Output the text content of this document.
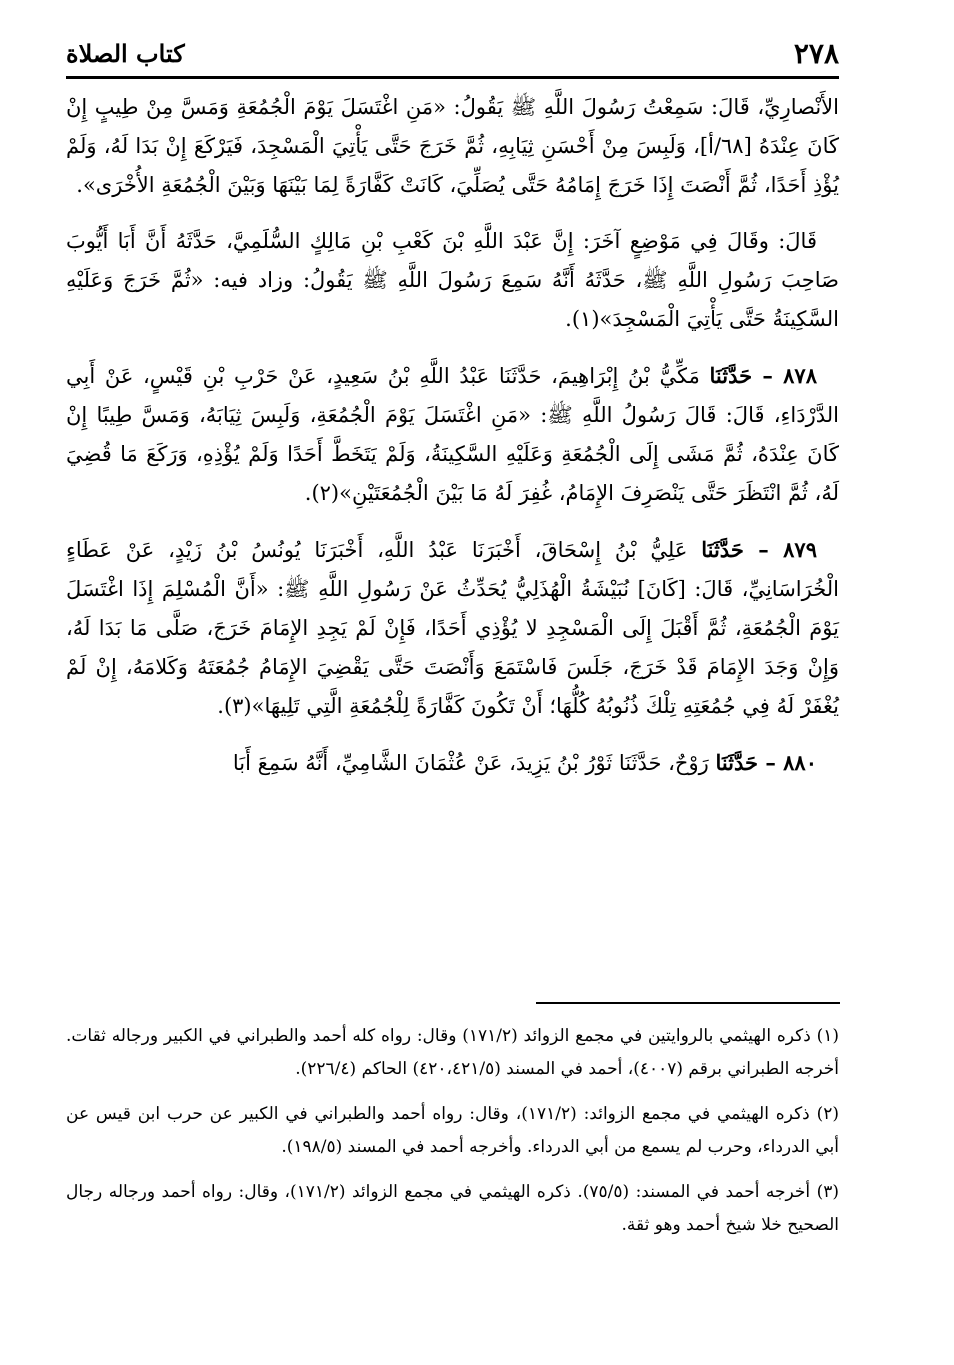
٢٧٨
كتاب الصلاة

الأَنْصارِيِّ، قَالَ: سَمِعْتُ رَسُولَ اللَّهِ ﷺ يَقُولُ: «مَنِ اغْتَسَلَ يَوْمَ الْجُمُعَةِ وَمَسَّ مِنْ طِيبٍ إِنْ كَانَ عِنْدَهُ [٦٨/أ]، وَلَبِسَ مِنْ أَحْسَنِ ثِيَابِهِ، ثُمَّ خَرَجَ حَتَّى يَأْتِيَ الْمَسْجِدَ، فَيَرْكَعَ إِنْ بَدَا لَهُ، وَلَمْ يُؤْذِ أَحَدًا، ثُمَّ أَنْصَتَ إِذَا خَرَجَ إِمَامُهُ حَتَّى يُصَلِّيَ، كَانَتْ كَفَّارَةً لِمَا بَيْنَهَا وَبَيْنَ الْجُمُعَةِ الأُخْرَى».

قَالَ: وقَالَ فِي مَوْضِعٍ آخَرَ: إِنَّ عَبْدَ اللَّهِ بْنَ كَعْبِ بْنِ مَالِكٍ السُّلَمِيَّ، حَدَّثَهُ أَنَّ أَبَا أَيُّوبَ صَاحِبَ رَسُولِ اللَّهِ ﷺ، حَدَّثَهُ أَنَّهُ سَمِعَ رَسُولَ اللَّهِ ﷺ يَقُولُ: وزاد فيه: «ثُمَّ خَرَجَ وَعَلَيْهِ السَّكِينَةُ حَتَّى يَأْتِيَ الْمَسْجِدَ»(١).

٨٧٨ – حَدَّثَنَا مَكِّيُّ بْنُ إِبْرَاهِيمَ، حَدَّثَنَا عَبْدُ اللَّهِ بْنُ سَعِيدٍ، عَنْ حَرْبِ بْنِ قَيْسٍ، عَنْ أَبِي الدَّرْدَاءِ، قَالَ: قَالَ رَسُولُ اللَّهِ ﷺ: «مَنِ اغْتَسَلَ يَوْمَ الْجُمُعَةِ، وَلَبِسَ ثِيَابَهُ، وَمَسَّ طِيبًا إِنْ كَانَ عِنْدَهُ، ثُمَّ مَشَى إِلَى الْجُمُعَةِ وَعَلَيْهِ السَّكِينَةُ، وَلَمْ يَتَخَطَّ أَحَدًا وَلَمْ يُؤْذِهِ، وَرَكَعَ مَا قُضِيَ لَهُ، ثُمَّ انْتَظَرَ حَتَّى يَنْصَرِفَ الإِمَامُ، غُفِرَ لَهُ مَا بَيْنَ الْجُمُعَتَيْنِ»(٢).

٨٧٩ – حَدَّثَنَا عَلِيُّ بْنُ إِسْحَاقَ، أَخْبَرَنَا عَبْدُ اللَّهِ، أَخْبَرَنَا يُونُسُ بْنُ زَيْدٍ، عَنْ عَطَاءٍ الْخُرَاسَانِيِّ، قَالَ: [كَانَ] نُبَيْشَةُ الْهُذَلِيُّ يُحَدِّثُ عَنْ رَسُولِ اللَّهِ ﷺ: «أَنَّ الْمُسْلِمَ إِذَا اغْتَسَلَ يَوْمَ الْجُمُعَةِ، ثُمَّ أَقْبَلَ إِلَى الْمَسْجِدِ لا يُؤْذِي أَحَدًا، فَإِنْ لَمْ يَجِدِ الإِمَامَ خَرَجَ، صَلَّى مَا بَدَا لَهُ، وَإِنْ وَجَدَ الإِمَامَ قَدْ خَرَجَ، جَلَسَ فَاسْتَمَعَ وَأَنْصَتَ حَتَّى يَقْضِيَ الإِمَامُ جُمُعَتَهُ وَكَلامَهُ، إِنْ لَمْ يُغْفَرْ لَهُ فِي جُمُعَتِهِ تِلْكَ ذُنُوبُهُ كُلُّهَا؛ أَنْ تَكُونَ كَفَّارَةً لِلْجُمُعَةِ الَّتِي تَلِيهَا»(٣).

٨٨٠ – حَدَّثَنَا رَوْحٌ، حَدَّثَنَا ثَوْرُ بْنُ يَزِيدَ، عَنْ عُثْمَانَ الشَّامِيِّ، أَنَّهُ سَمِعَ أَبَا

(١) ذكره الهيثمي بالروايتين في مجمع الزوائد (١٧١/٢) وقال: رواه كله أحمد والطبراني في الكبير ورجاله ثقات. أخرجه الطبراني برقم (٤٠٠٧)، أحمد في المسند (٤٢٠،٤٢١/٥) الحاكم (٢٢٦/٤).

(٢) ذكره الهيثمي في مجمع الزوائد: (١٧١/٢)، وقال: رواه أحمد والطبراني في الكبير عن حرب ابن قيس عن أبي الدرداء، وحرب لم يسمع من أبي الدرداء. وأخرجه أحمد في المسند (١٩٨/٥).

(٣) أخرجه أحمد في المسند: (٧٥/٥). ذكره الهيثمي في مجمع الزوائد (١٧١/٢)، وقال: رواه أحمد ورجاله رجال الصحيح خلا شيخ أحمد وهو ثقة.
